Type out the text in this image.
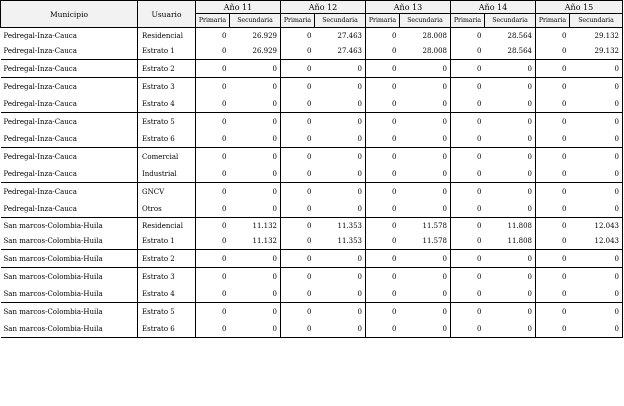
Municipio	Usuario	Año 11		Año 12		Año 13		Año 14		Año 15	
		Primaria	Secundaria	Primaria	Secundaria	Primaria	Secundaria	Primaria	Secundaria	Primaria	Secundaria
Pedregal-Inza-Cauca	Residencial	0	26.929	0	27.463	0	28.008	0	28.564	0	29.132
Pedregal-Inza-Cauca	Estrato 1	0	26.929	0	27.463	0	28.008	0	28.564	0	29.132
Pedregal-Inza-Cauca	Estrato 2	0	0	0	0	0	0	0	0	0	0
Pedregal-Inza-Cauca	Estrato 3	0	0	0	0	0	0	0	0	0	0
Pedregal-Inza-Cauca	Estrato 4	0	0	0	0	0	0	0	0	0	0
Pedregal-Inza-Cauca	Estrato 5	0	0	0	0	0	0	0	0	0	0
Pedregal-Inza-Cauca	Estrato 6	0	0	0	0	0	0	0	0	0	0
Pedregal-Inza-Cauca	Comercial	0	0	0	0	0	0	0	0	0	0
Pedregal-Inza-Cauca	Industrial	0	0	0	0	0	0	0	0	0	0
Pedregal-Inza-Cauca	GNCV	0	0	0	0	0	0	0	0	0	0
Pedregal-Inza-Cauca	Otros	0	0	0	0	0	0	0	0	0	0
San marcos-Colombia-Huila	Residencial	0	11.132	0	11.353	0	11.578	0	11.808	0	12.043
San marcos-Colombia-Huila	Estrato 1	0	11.132	0	11.353	0	11.578	0	11.808	0	12.043
San marcos-Colombia-Huila	Estrato 2	0	0	0	0	0	0	0	0	0	0
San marcos-Colombia-Huila	Estrato 3	0	0	0	0	0	0	0	0	0	0
San marcos-Colombia-Huila	Estrato 4	0	0	0	0	0	0	0	0	0	0
San marcos-Colombia-Huila	Estrato 5	0	0	0	0	0	0	0	0	0	0
San marcos-Colombia-Huila	Estrato 6	0	0	0	0	0	0	0	0	0	0
